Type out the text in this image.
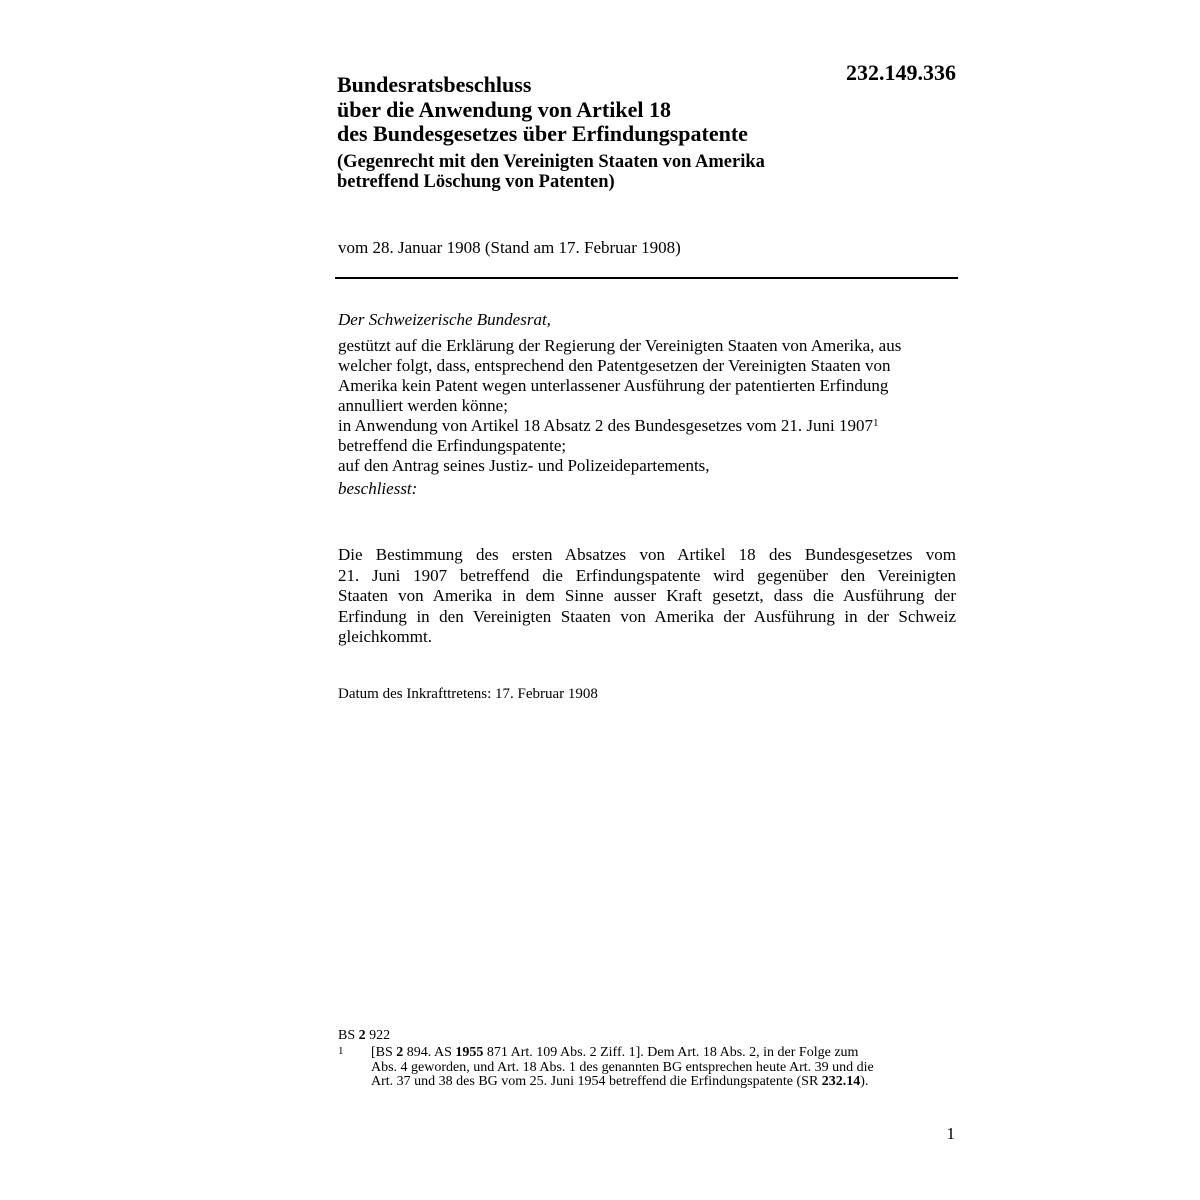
232.149.336
Bundesratsbeschluss
über die Anwendung von Artikel 18
des Bundesgesetzes über Erfindungspatente
(Gegenrecht mit den Vereinigten Staaten von Amerika
betreffend Löschung von Patenten)
vom 28. Januar 1908 (Stand am 17. Februar 1908)
Der Schweizerische Bundesrat,
gestützt auf die Erklärung der Regierung der Vereinigten Staaten von Amerika, aus
welcher folgt, dass, entsprechend den Patentgesetzen der Vereinigten Staaten von
Amerika kein Patent wegen unterlassener Ausführung der patentierten Erfindung
annulliert werden könne;
in Anwendung von Artikel 18 Absatz 2 des Bundesgesetzes vom 21. Juni 1907$^1$
betreffend die Erfindungspatente;
auf den Antrag seines Justiz- und Polizeidepartements,
beschliesst:
Die Bestimmung des ersten Absatzes von Artikel 18 des Bundesgesetzes vom
21. Juni 1907 betreffend die Erfindungspatente wird gegenüber den Vereinigten
Staaten von Amerika in dem Sinne ausser Kraft gesetzt, dass die Ausführung der
Erfindung in den Vereinigten Staaten von Amerika der Ausführung in der Schweiz
gleichkommt.
Datum des Inkrafttretens: 17. Februar 1908
BS 2 922
1 [BS 2 894. AS 1955 871 Art. 109 Abs. 2 Ziff. 1]. Dem Art. 18 Abs. 2, in der Folge zum
Abs. 4 geworden, und Art. 18 Abs. 1 des genannten BG entsprechen heute Art. 39 und die
Art. 37 und 38 des BG vom 25. Juni 1954 betreffend die Erfindungspatente (SR 232.14).
1
